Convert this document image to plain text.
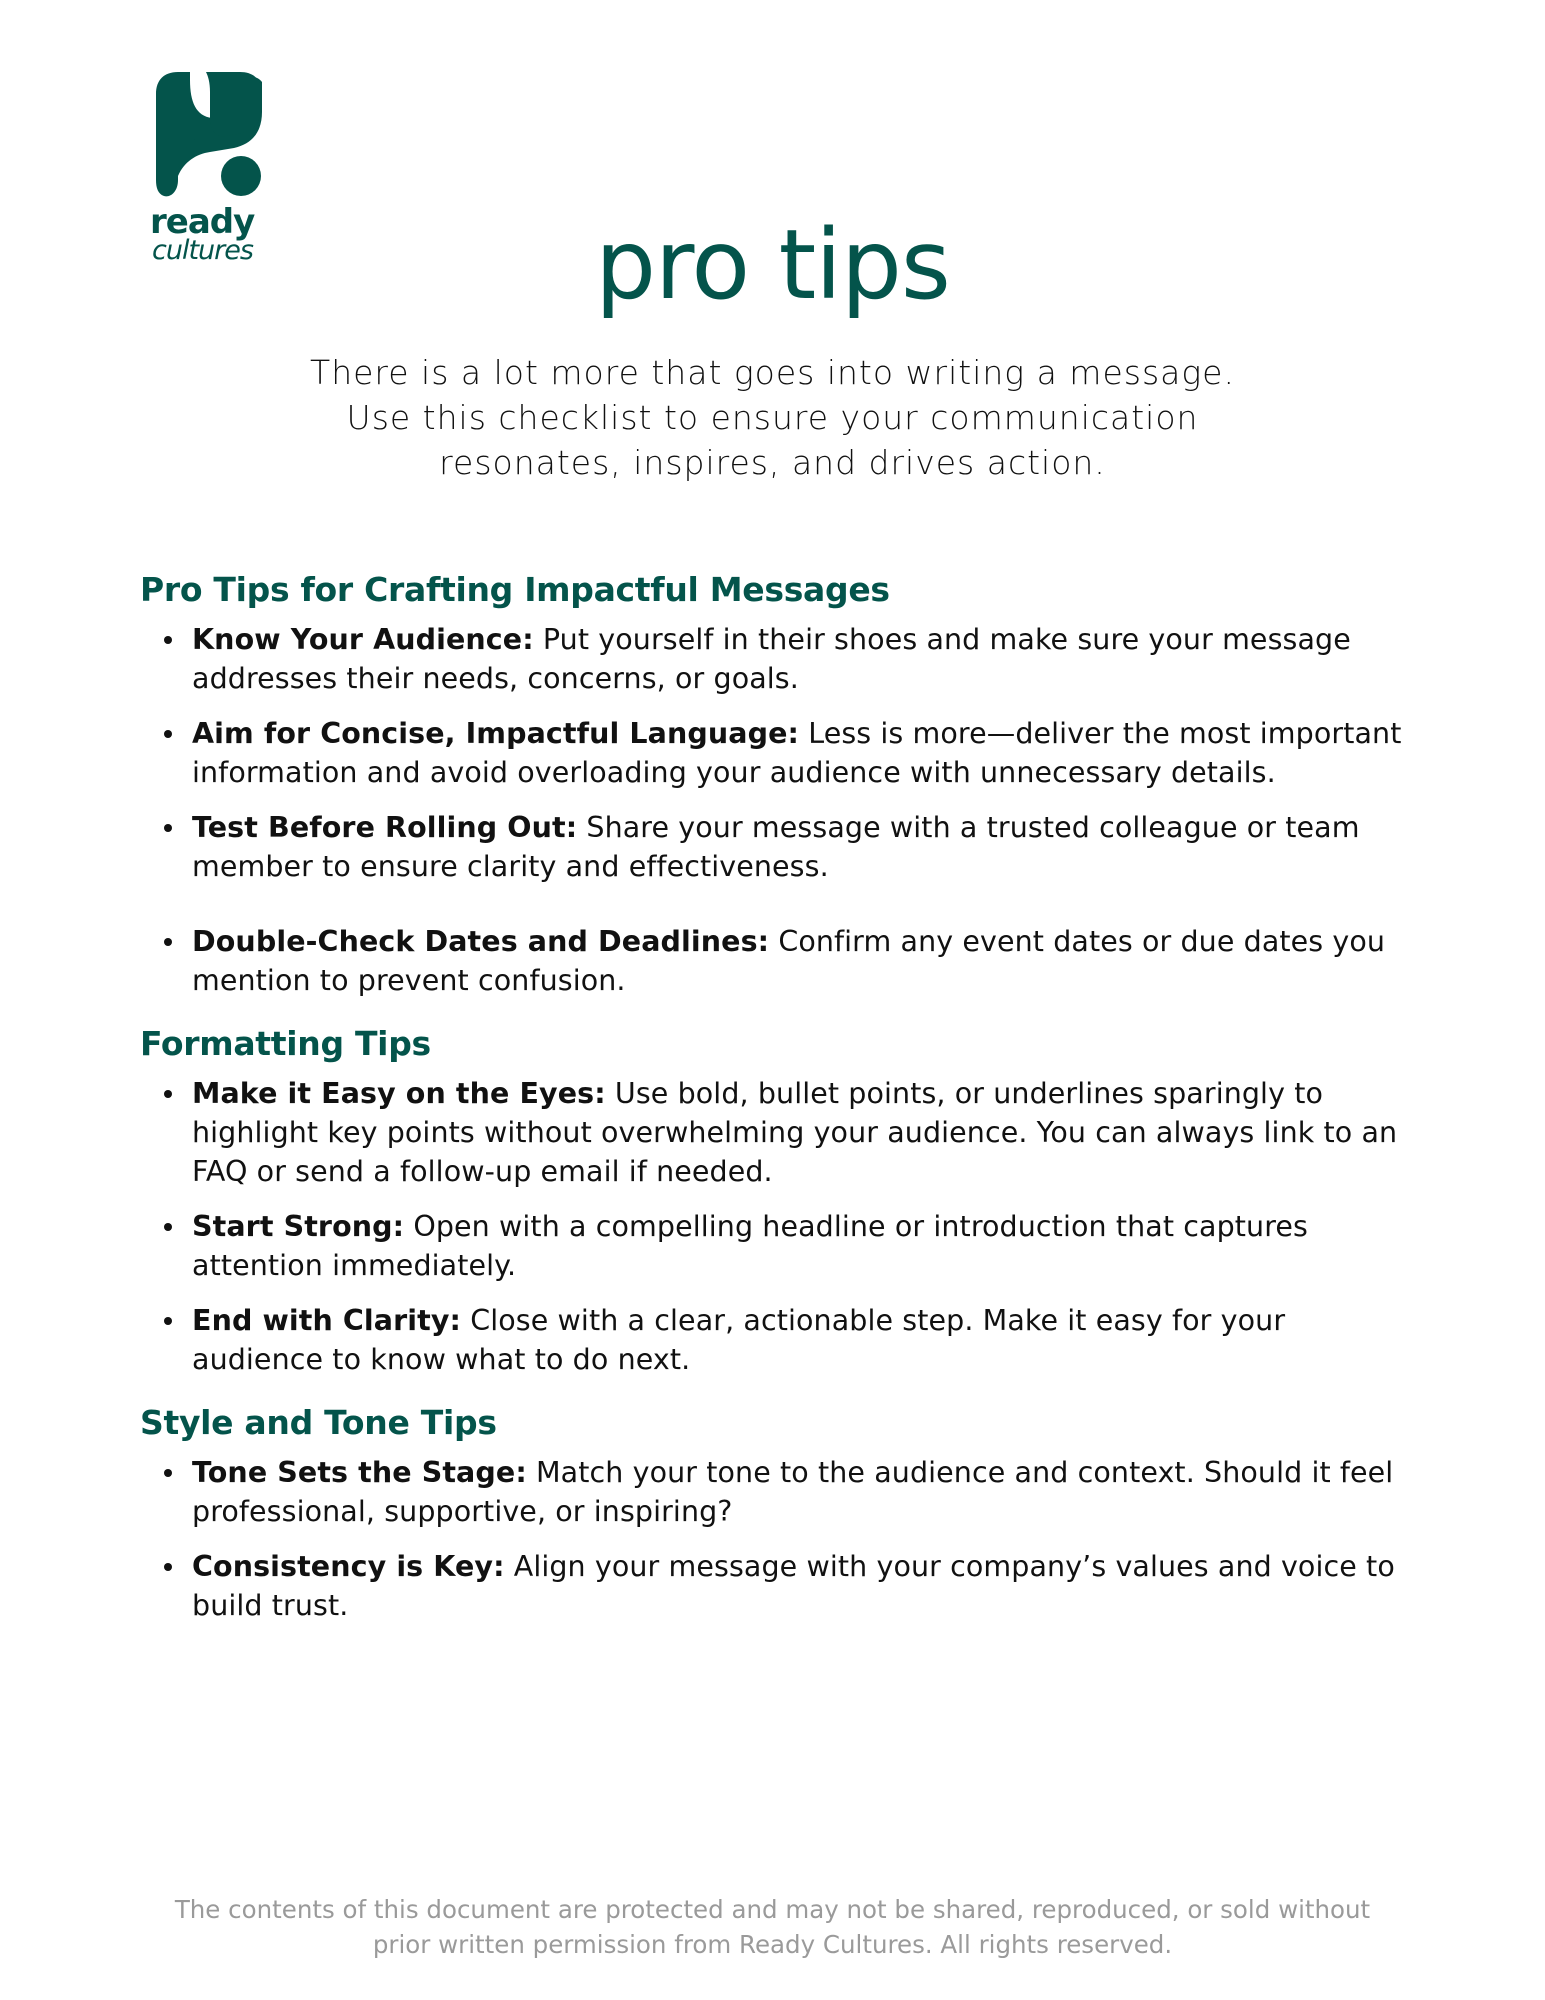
ready
cultures	pro tips

There is a lot more that goes into writing a message.
Use this checklist to ensure your communication
resonates, inspires, and drives action.

Pro Tips for Crafting Impactful Messages
Know Your Audience: Put yourself in their shoes and make sure your message addresses their needs, concerns, or goals.
Aim for Concise, Impactful Language: Less is more—deliver the most important information and avoid overloading your audience with unnecessary details.
Test Before Rolling Out: Share your message with a trusted colleague or team member to ensure clarity and effectiveness.
Double-Check Dates and Deadlines: Confirm any event dates or due dates you mention to prevent confusion.
Formatting Tips
Make it Easy on the Eyes: Use bold, bullet points, or underlines sparingly to highlight key points without overwhelming your audience. You can always link to an FAQ or send a follow-up email if needed.
Start Strong: Open with a compelling headline or introduction that captures attention immediately.
End with Clarity: Close with a clear, actionable step. Make it easy for your audience to know what to do next.
Style and Tone Tips
Tone Sets the Stage: Match your tone to the audience and context. Should it feel professional, supportive, or inspiring?
Consistency is Key: Align your message with your company’s values and voice to build trust.

The contents of this document are protected and may not be shared, reproduced, or sold without
prior written permission from Ready Cultures. All rights reserved.
